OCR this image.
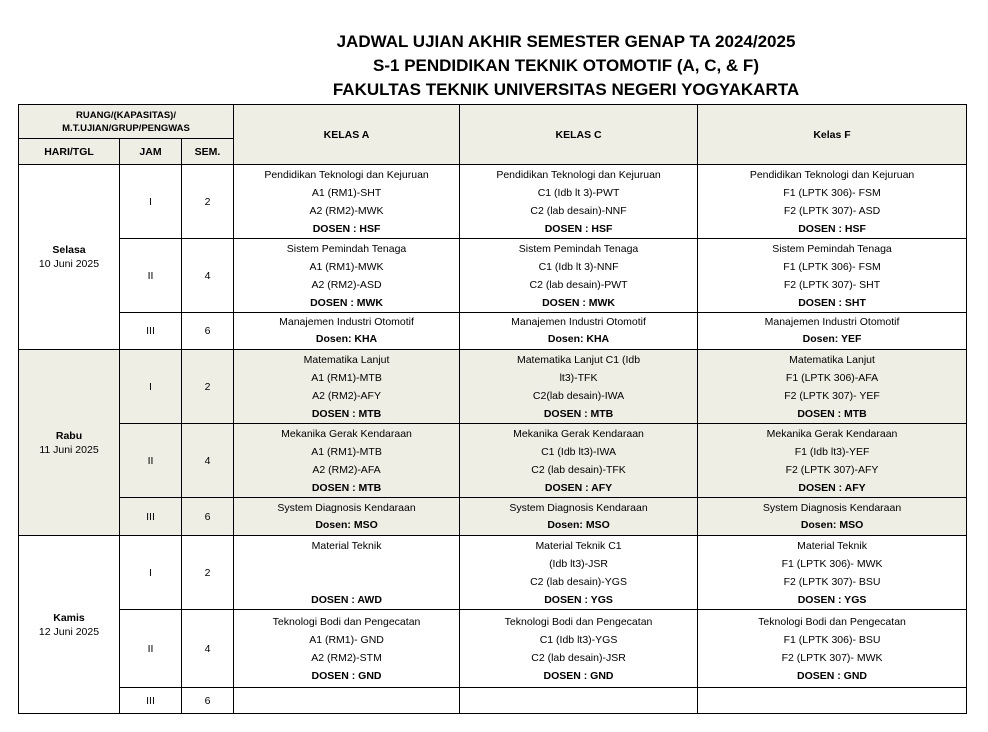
JADWAL UJIAN AKHIR SEMESTER GENAP TA 2024/2025
S-1 PENDIDIKAN TEKNIK OTOMOTIF (A, C, & F)
FAKULTAS TEKNIK UNIVERSITAS NEGERI YOGYAKARTA
RUANG/(KAPASITAS)/
M.T.UJIAN/GRUP/PENGWAS			KELAS A	KELAS C	Kelas F
HARI/TGL	JAM	SEM.			
Selasa
10 Juni 2025	I	2	Pendidikan Teknologi dan Kejuruan
A1 (RM1)-SHT
A2 (RM2)-MWK
DOSEN : HSF	Pendidikan Teknologi dan Kejuruan
C1 (Idb lt 3)-PWT
C2 (lab desain)-NNF
DOSEN : HSF	Pendidikan Teknologi dan Kejuruan
F1 (LPTK 306)- FSM
F2 (LPTK 307)- ASD
DOSEN : HSF

	II	4	Sistem Pemindah Tenaga
A1 (RM1)-MWK
A2 (RM2)-ASD
DOSEN : MWK	Sistem Pemindah Tenaga
C1 (Idb lt 3)-NNF
C2 (lab desain)-PWT
DOSEN : MWK	Sistem Pemindah Tenaga
F1 (LPTK 306)- FSM
F2 (LPTK 307)- SHT
DOSEN : SHT

	III	6	Manajemen Industri Otomotif
Dosen: KHA	Manajemen Industri Otomotif
Dosen: KHA	Manajemen Industri Otomotif
Dosen: YEF

Rabu
11 Juni 2025	I	2	Matematika Lanjut
A1 (RM1)-MTB
A2 (RM2)-AFY
DOSEN : MTB	Matematika Lanjut C1 (Idb
lt3)-TFK
C2(lab desain)-IWA
DOSEN : MTB	Matematika Lanjut
F1 (LPTK 306)-AFA
F2 (LPTK 307)- YEF
DOSEN : MTB

	II	4	Mekanika Gerak Kendaraan
A1 (RM1)-MTB
A2 (RM2)-AFA
DOSEN : MTB	Mekanika Gerak Kendaraan
C1 (Idb lt3)-IWA
C2 (lab desain)-TFK
DOSEN : AFY	Mekanika Gerak Kendaraan
F1 (Idb lt3)-YEF
F2 (LPTK 307)-AFY
DOSEN : AFY

	III	6	System Diagnosis Kendaraan
Dosen: MSO	System Diagnosis Kendaraan
Dosen: MSO	System Diagnosis Kendaraan
Dosen: MSO

Kamis
12 Juni 2025	I	2	Material Teknik
DOSEN : AWD	Material Teknik C1
(Idb lt3)-JSR
C2 (lab desain)-YGS
DOSEN : YGS	Material Teknik
F1 (LPTK 306)- MWK
F2 (LPTK 307)- BSU
DOSEN : YGS

	II	4	Teknologi Bodi dan Pengecatan
A1 (RM1)- GND
A2 (RM2)-STM
DOSEN : GND	Teknologi Bodi dan Pengecatan
C1 (Idb lt3)-YGS
C2 (lab desain)-JSR
DOSEN : GND	Teknologi Bodi dan Pengecatan
F1 (LPTK 306)- BSU
F2 (LPTK 307)- MWK
DOSEN : GND

	III	6			
